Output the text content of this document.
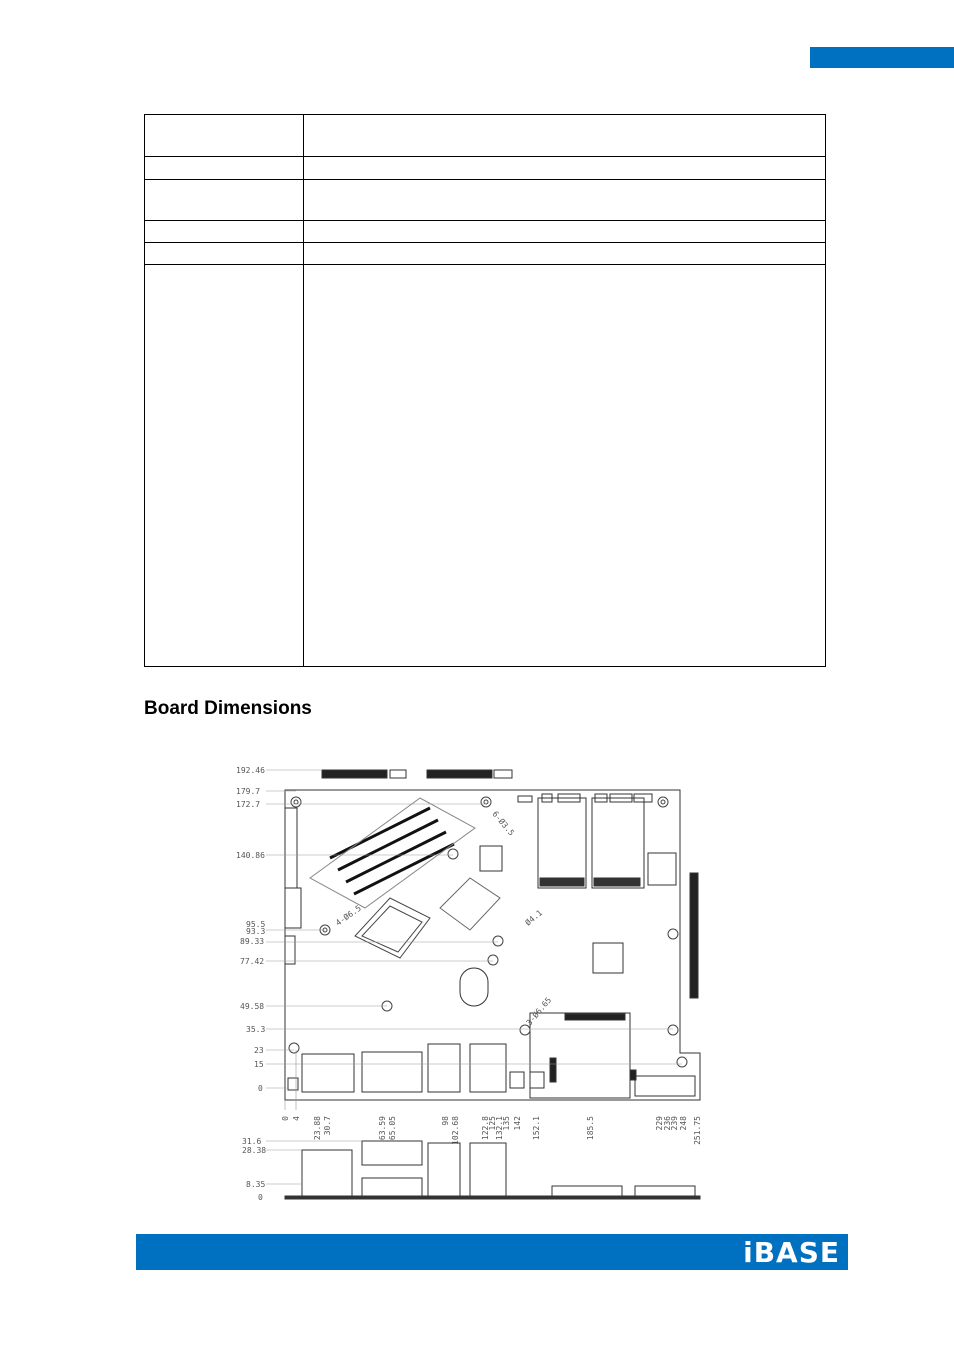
Board Dimensions
192.46
179.7
172.7
140.86
95.5
93.3
89.33
77.42
49.58
35.3
23
15
0
0 4 23.88 30.7	63.59 65.05	98 102.68	122.8
125
132.1
135 142 152.1	185.5	229 236
239 248 251.75
6-Ø3.5
4-Ø6.5	Ø4.1
3-Ø6.65
31.6
28.38
8.35
0
iBASE
